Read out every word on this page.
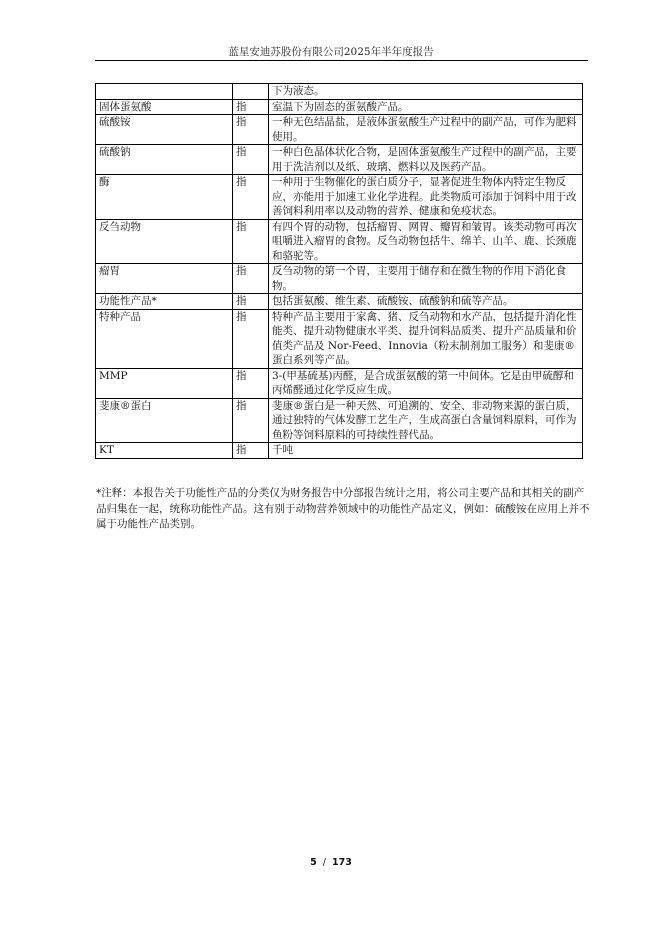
蓝星安迪苏股份有限公司2025年半年度报告
		下为液态。
固体蛋氨酸	指	室温下为固态的蛋氨酸产品。
硫酸铵	指	一种无色结晶盐，是液体蛋氨酸生产过程中的副产品，可作为肥料使用。
硫酸钠	指	一种白色晶体状化合物，是固体蛋氨酸生产过程中的副产品，主要用于洗洁剂以及纸、玻璃、燃料以及医药产品。
酶	指	一种用于生物催化的蛋白质分子，显著促进生物体内特定生物反应，亦能用于加速工业化学进程。此类物质可添加于饲料中用于改善饲料利用率以及动物的营养、健康和免疫状态。
反刍动物	指	有四个胃的动物，包括瘤胃、网胃、瓣胃和皱胃。该类动物可再次咀嚼进入瘤胃的食物。反刍动物包括牛、绵羊、山羊、鹿、长颈鹿和骆驼等。
瘤胃	指	反刍动物的第一个胃，主要用于储存和在微生物的作用下消化食物。
功能性产品*	指	包括蛋氨酸、维生素、硫酸铵、硫酸钠和硫等产品。
特种产品	指	特种产品主要用于家禽、猪、反刍动物和水产品，包括提升消化性能类、提升动物健康水平类、提升饲料品质类、提升产品质量和价值类产品及 Nor-Feed、Innovia（粉末制剂加工服务）和斐康®蛋白系列等产品。
MMP	指	3-(甲基硫基)丙醛，是合成蛋氨酸的第一中间体。它是由甲硫醇和丙烯醛通过化学反应生成。
斐康®蛋白	指	斐康®蛋白是一种天然、可追溯的、安全、非动物来源的蛋白质，通过独特的气体发酵工艺生产，生成高蛋白含量饲料原料，可作为鱼粉等饲料原料的可持续性替代品。
KT	指	千吨
*注释：本报告关于功能性产品的分类仅为财务报告中分部报告统计之用，将公司主要产品和其相关的副产品归集在一起，统称功能性产品。这有别于动物营养领域中的功能性产品定义，例如：硫酸铵在应用上并不属于功能性产品类别。
5 / 173
